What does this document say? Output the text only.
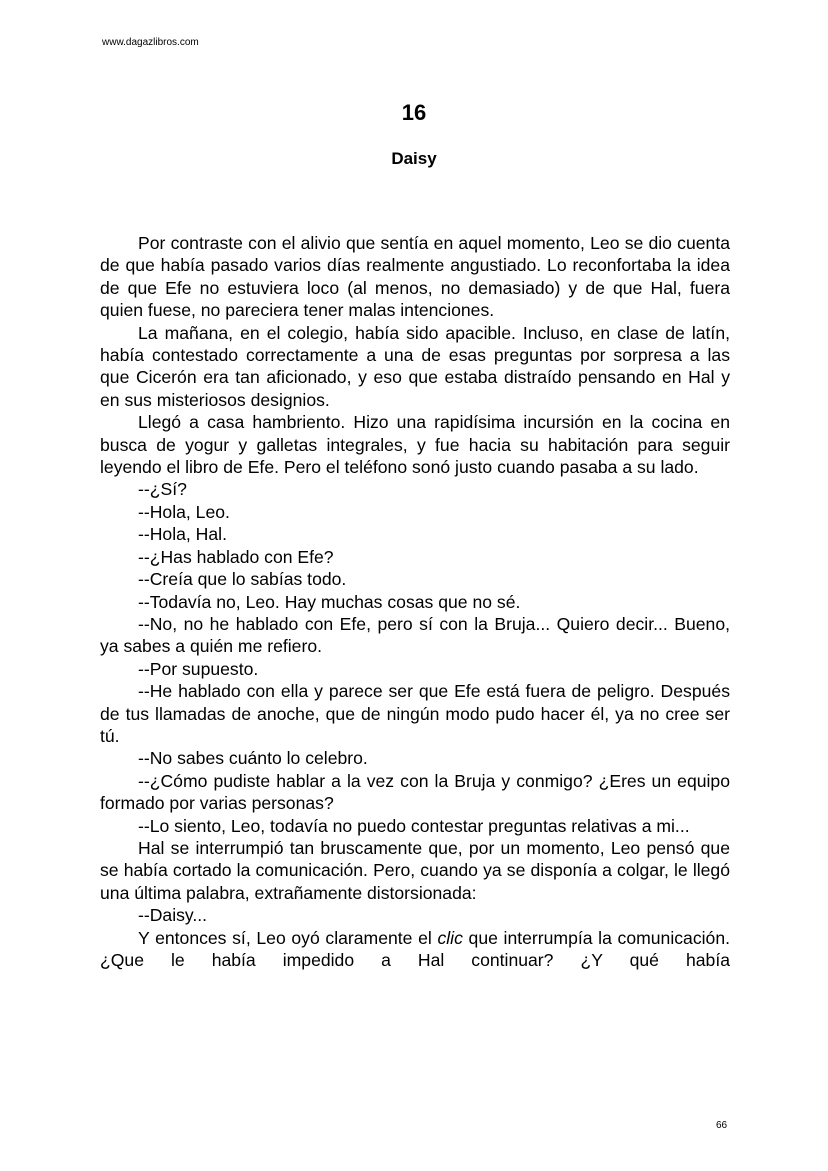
www.dagazlibros.com
16
Daisy

Por contraste con el alivio que sentía en aquel momento, Leo se dio cuenta de que había pasado varios días realmente angustiado. Lo reconfortaba la idea de que Efe no estuviera loco (al menos, no demasiado) y de que Hal, fuera quien fuese, no pareciera tener malas intenciones.

La mañana, en el colegio, había sido apacible. Incluso, en clase de latín, había contestado correctamente a una de esas preguntas por sorpresa a las que Cicerón era tan aficionado, y eso que estaba distraído pensando en Hal y en sus misteriosos designios.

Llegó a casa hambriento. Hizo una rapidísima incursión en la cocina en busca de yogur y galletas integrales, y fue hacia su habitación para seguir leyendo el libro de Efe. Pero el teléfono sonó justo cuando pasaba a su lado.

--¿Sí?

--Hola, Leo.

--Hola, Hal.

--¿Has hablado con Efe?

--Creía que lo sabías todo.

--Todavía no, Leo. Hay muchas cosas que no sé.

--No, no he hablado con Efe, pero sí con la Bruja... Quiero decir... Bueno, ya sabes a quién me refiero.

--Por supuesto.

--He hablado con ella y parece ser que Efe está fuera de peligro. Después de tus llamadas de anoche, que de ningún modo pudo hacer él, ya no cree ser tú.

--No sabes cuánto lo celebro.

--¿Cómo pudiste hablar a la vez con la Bruja y conmigo? ¿Eres un equipo formado por varias personas?

--Lo siento, Leo, todavía no puedo contestar preguntas relativas a mi...

Hal se interrumpió tan bruscamente que, por un momento, Leo pensó que se había cortado la comunicación. Pero, cuando ya se disponía a colgar, le llegó una última palabra, extrañamente distorsionada:

--Daisy...

Y entonces sí, Leo oyó claramente el clic que interrumpía la comunicación. ¿Que le había impedido a Hal continuar? ¿Y qué había

66
